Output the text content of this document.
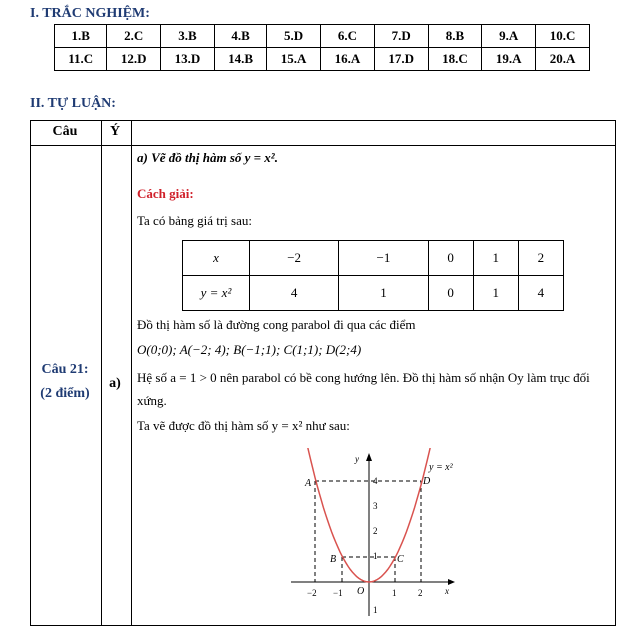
I. TRẮC NGHIỆM:
1.B	2.C	3.B	4.B	5.D	6.C	7.D	8.B	9.A	10.C
11.C	12.D	13.D	14.B	15.A	16.A	17.D	18.C	19.A	20.A
II. TỰ LUẬN:
Câu	Ý
Câu 21:
(2 điểm)
a)
a) Vẽ đồ thị hàm số y = x².
Cách giải:
Ta có bảng giá trị sau:
x	−2	−1	0	1	2
y = x²	4	1	0	1	4
Đồ thị hàm số là đường cong parabol đi qua các điểm
O(0;0); A(−2; 4); B(−1;1); C(1;1); D(2;4)
Hệ số a = 1 > 0 nên parabol có bề cong hướng lên. Đồ thị hàm số nhận Oy làm trục đối
xứng.
Ta vẽ được đồ thị hàm số y = x² như sau:
y = x²
y
x
O
A
B	C
D
−2 −1	1 2
4
3
2
1
1
